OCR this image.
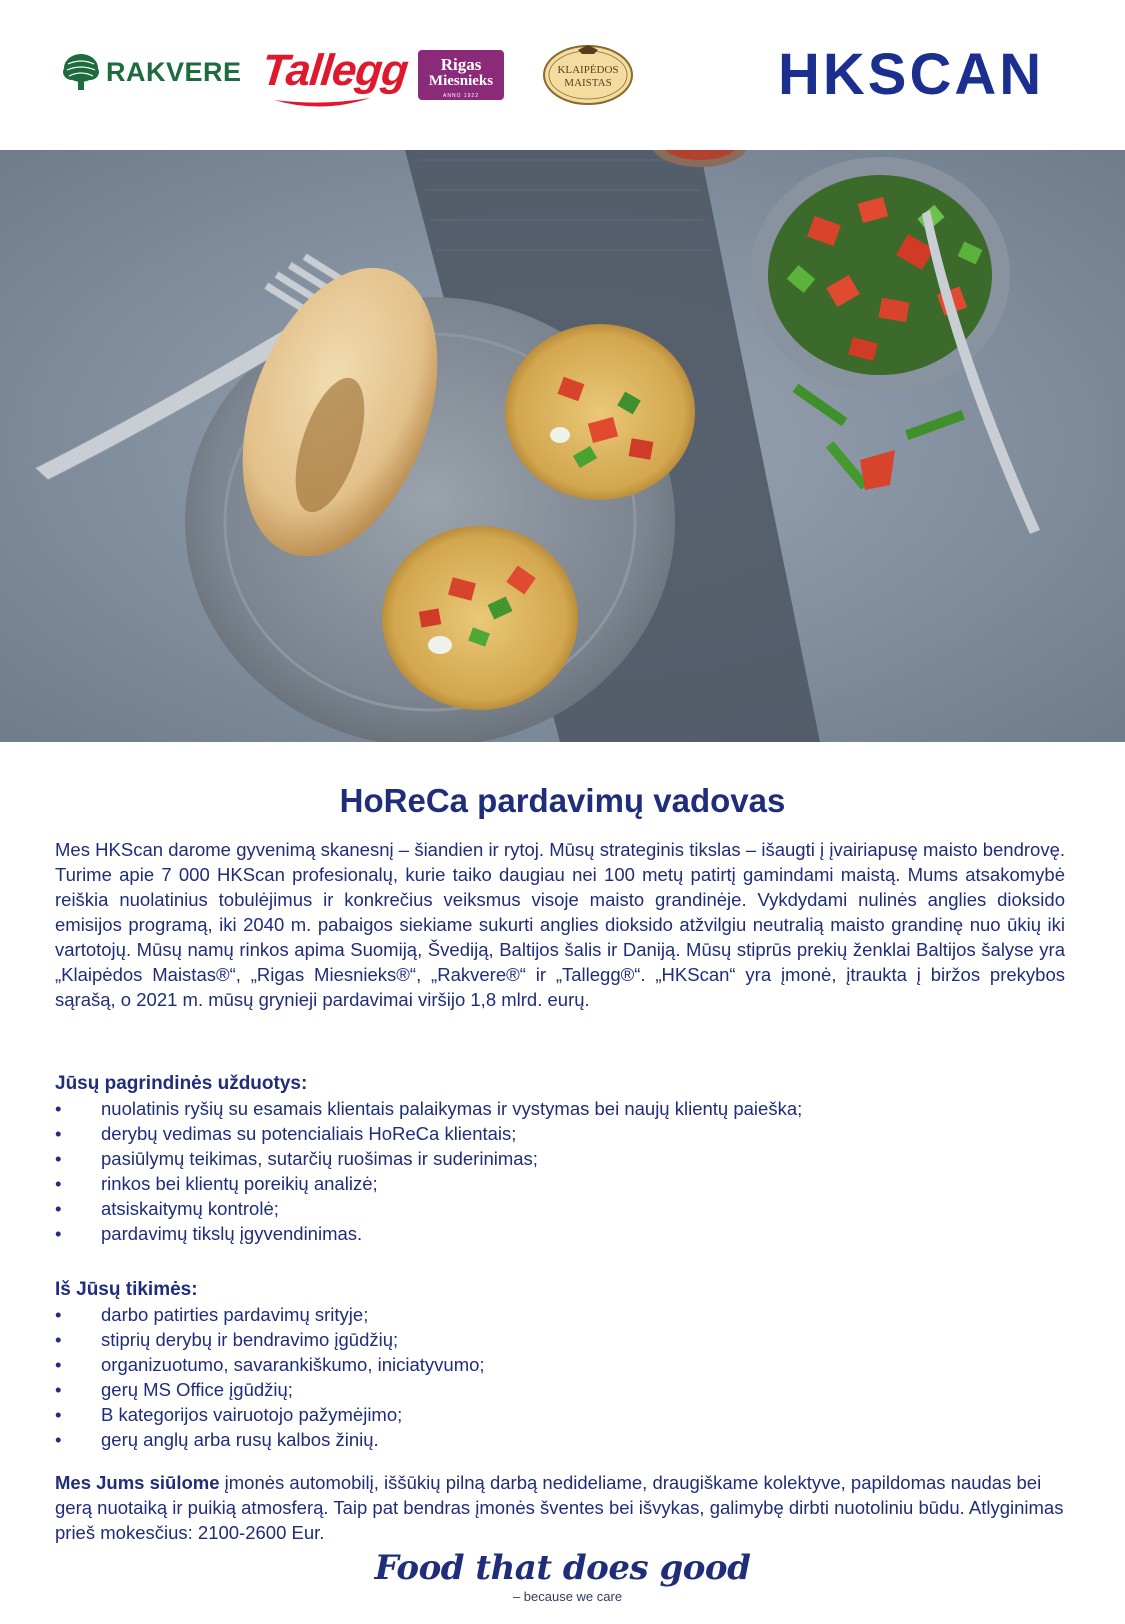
RAKVERE Tallegg	Rigas
Miesnieks
ANNO 1922
KLAIPĖDOS
MAISTAS	HKSCAN
HoReCa pardavimų vadovas

Mes HKScan darome gyvenimą skanesnį – šiandien ir rytoj. Mūsų strateginis tikslas – išaugti į įvairiapusę maisto bendrovę. Turime apie 7 000 HKScan profesionalų, kurie taiko daugiau nei 100 metų patirtį gamindami maistą. Mums atsakomybė reiškia nuolatinius tobulėjimus ir konkrečius veiksmus visoje maisto grandinėje. Vykdydami nulinės anglies dioksido emisijos programą, iki 2040 m. pabaigos siekiame sukurti anglies dioksido atžvilgiu neutralią maisto grandinę nuo ūkių iki vartotojų. Mūsų namų rinkos apima Suomiją, Švediją, Baltijos šalis ir Daniją. Mūsų stiprūs prekių ženklai Baltijos šalyse yra „Klaipėdos Maistas®“, „Rigas Miesnieks®“, „Rakvere®“ ir „Tallegg®“. „HKScan“ yra įmonė, įtraukta į biržos prekybos sąrašą, o 2021 m. mūsų grynieji pardavimai viršijo 1,8 mlrd. eurų.

Jūsų pagrindinės užduotys:

• nuolatinis ryšių su esamais klientais palaikymas ir vystymas bei naujų klientų paieška;
• derybų vedimas su potencialiais HoReCa klientais;
• pasiūlymų teikimas, sutarčių ruošimas ir suderinimas;
• rinkos bei klientų poreikių analizė;
• atsiskaitymų kontrolė;
• pardavimų tikslų įgyvendinimas.

Iš Jūsų tikimės:

• darbo patirties pardavimų srityje;
• stiprių derybų ir bendravimo įgūdžių;
• organizuotumo, savarankiškumo, iniciatyvumo;
• gerų MS Office įgūdžių;
• B kategorijos vairuotojo pažymėjimo;
• gerų anglų arba rusų kalbos žinių.

Mes Jums siūlome įmonės automobilį, iššūkių pilną darbą nedideliame, draugiškame kolektyve, papildomas naudas bei gerą nuotaiką ir puikią atmosferą. Taip pat bendras įmonės šventes bei išvykas, galimybę dirbti nuotoliniu būdu. Atlyginimas prieš mokesčius: 2100-2600 Eur.

Food that does good
– because we care
